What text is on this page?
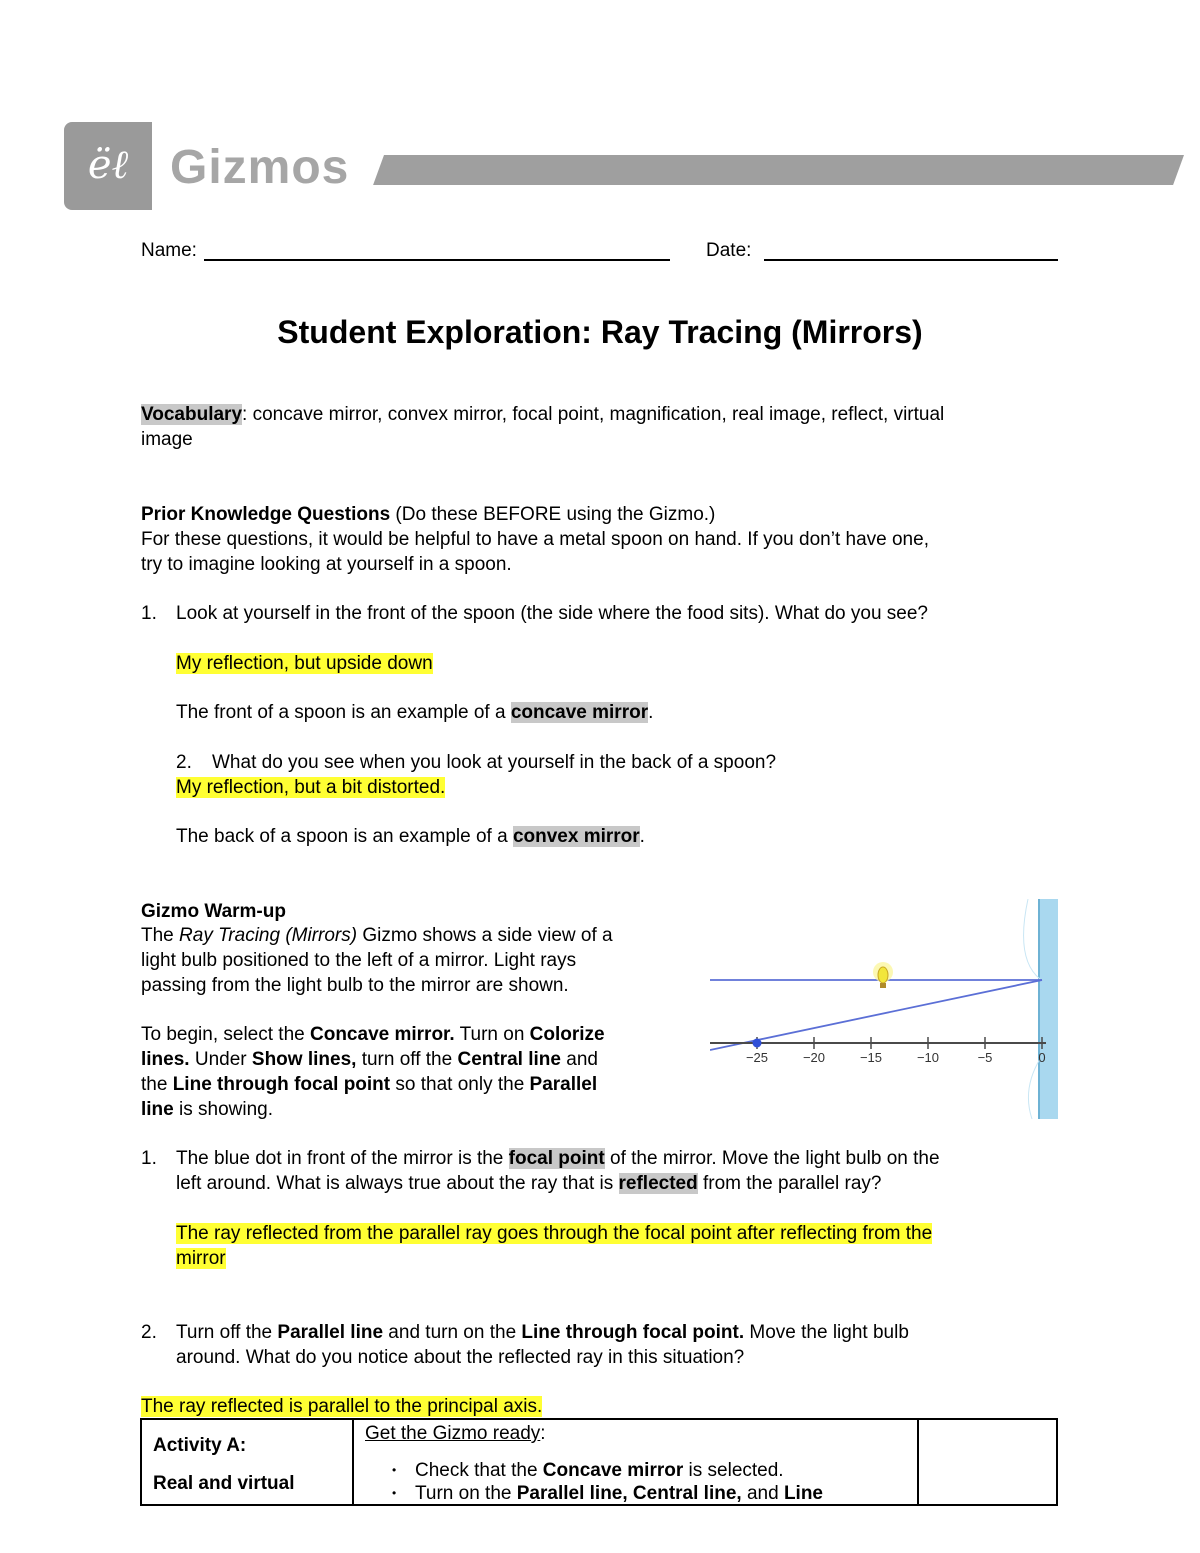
ëℓ Gizmos
Name:	Date:
Student Exploration: Ray Tracing (Mirrors)
Vocabulary: concave mirror, convex mirror, focal point, magnification, real image, reflect, virtual
image
Prior Knowledge Questions (Do these BEFORE using the Gizmo.)
For these questions, it would be helpful to have a metal spoon on hand. If you don’t have one,
try to imagine looking at yourself in a spoon.
1. Look at yourself in the front of the spoon (the side where the food sits). What do you see?
My reflection, but upside down
The front of a spoon is an example of a concave mirror.
2. What do you see when you look at yourself in the back of a spoon?
My reflection, but a bit distorted.
The back of a spoon is an example of a convex mirror.
Gizmo Warm-up
The Ray Tracing (Mirrors) Gizmo shows a side view of a
light bulb positioned to the left of a mirror. Light rays
passing from the light bulb to the mirror are shown.
To begin, select the Concave mirror. Turn on Colorize
lines. Under Show lines, turn off the Central line and
the Line through focal point so that only the Parallel
line is showing.
−25	−20	−15	−10	−5	0
1. The blue dot in front of the mirror is the focal point of the mirror. Move the light bulb on the
left around. What is always true about the ray that is reflected from the parallel ray?
The ray reflected from the parallel ray goes through the focal point after reflecting from the
mirror
2. Turn off the Parallel line and turn on the Line through focal point. Move the light bulb
around. What do you notice about the reflected ray in this situation?
The ray reflected is parallel to the principal axis.
Activity A:
Real and virtual
Get the Gizmo ready:
• Check that the Concave mirror is selected.
• Turn on the Parallel line, Central line, and Line
